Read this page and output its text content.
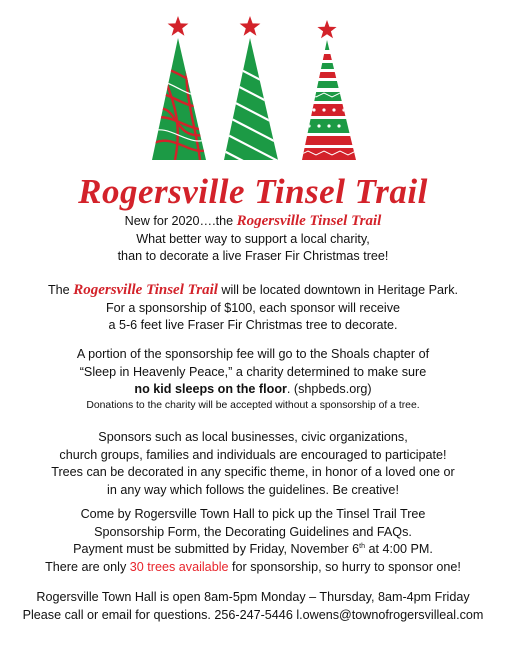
Rogersville Tinsel Trail
New for 2020….the Rogersville Tinsel Trail
What better way to support a local charity,
than to decorate a live Fraser Fir Christmas tree!
The Rogersville Tinsel Trail will be located downtown in Heritage Park.
For a sponsorship of $100, each sponsor will receive
a 5-6 feet live Fraser Fir Christmas tree to decorate.
A portion of the sponsorship fee will go to the Shoals chapter of
“Sleep in Heavenly Peace,” a charity determined to make sure
no kid sleeps on the floor. (shpbeds.org)
Donations to the charity will be accepted without a sponsorship of a tree.
Sponsors such as local businesses, civic organizations,
church groups, families and individuals are encouraged to participate!
Trees can be decorated in any specific theme, in honor of a loved one or
in any way which follows the guidelines. Be creative!
Come by Rogersville Town Hall to pick up the Tinsel Trail Tree
Sponsorship Form, the Decorating Guidelines and FAQs.
Payment must be submitted by Friday, November 6th at 4:00 PM.
There are only 30 trees available for sponsorship, so hurry to sponsor one!
Rogersville Town Hall is open 8am-5pm Monday – Thursday, 8am-4pm Friday
Please call or email for questions. 256-247-5446 l.owens@townofrogersvilleal.com
